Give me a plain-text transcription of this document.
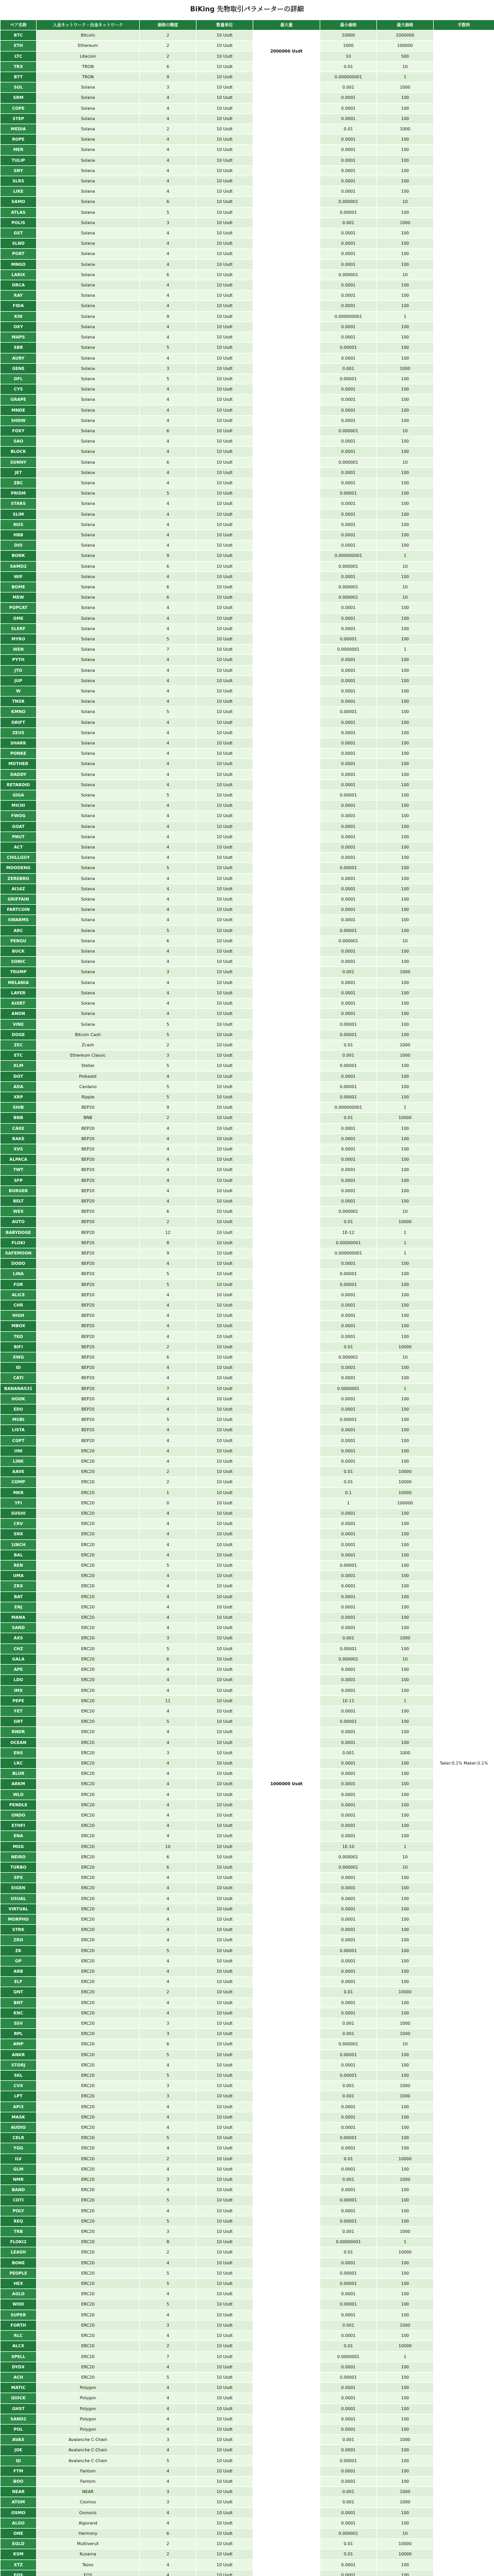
BiKing 先物取引パラメーターの詳細
ペア名称	入金ネットワーク・出金ネットワーク	価格の精度	数量単位	最大量	最小価格	最大価格	手数料
BTC	Bitcoin	2	10 Usdt	2000000 Usdt	10000	1000000	Taker:0.1% Maker:0.1%
ETH	Ethereum	2	10 Usdt		1000	100000	
LTC	Litecoin	2	10 Usdt		10	500	
TRX	TRON	6	10 Usdt		0.01	10	
BTT	TRON	9	10 Usdt	1000000 Usdt	0.000000001	1	
SOL	Solana	3	10 Usdt		0.001	1000	
SRM	Solana	4	10 Usdt		0.0001	100	
COPE	Solana	4	10 Usdt		0.0001	100	
STEP	Solana	4	10 Usdt		0.0001	100	
MEDIA	Solana	2	10 Usdt		0.01	1000	
ROPE	Solana	4	10 Usdt		0.0001	100	
MER	Solana	4	10 Usdt		0.0001	100	
TULIP	Solana	4	10 Usdt		0.0001	100	
SNY	Solana	4	10 Usdt		0.0001	100	
SLRS	Solana	4	10 Usdt		0.0001	100	
LIKE	Solana	4	10 Usdt		0.0001	100	
SAMO	Solana	6	10 Usdt		0.000001	10	
ATLAS	Solana	5	10 Usdt		0.00001	100	
POLIS	Solana	3	10 Usdt		0.001	1000	
GST	Solana	4	10 Usdt		0.0001	100	
SLND	Solana	4	10 Usdt		0.0001	100	
PORT	Solana	4	10 Usdt		0.0001	100	
MNGO	Solana	4	10 Usdt		0.0001	100	
LARIX	Solana	6	10 Usdt		0.000001	10	
ORCA	Solana	4	10 Usdt		0.0001	100	
RAY	Solana	4	10 Usdt		0.0001	100	
FIDA	Solana	4	10 Usdt		0.0001	100	
KIN	Solana	9	10 Usdt		0.000000001	1	
OXY	Solana	4	10 Usdt		0.0001	100	
MAPS	Solana	4	10 Usdt		0.0001	100	
SBR	Solana	5	10 Usdt		0.00001	100	
AURY	Solana	4	10 Usdt		0.0001	100	
GENE	Solana	3	10 Usdt		0.001	1000	
DFL	Solana	5	10 Usdt		0.00001	100	
CYS	Solana	4	10 Usdt		0.0001	100	
GRAPE	Solana	4	10 Usdt		0.0001	100	
MNDE	Solana	4	10 Usdt		0.0001	100	
SHDW	Solana	4	10 Usdt		0.0001	100	
FOXY	Solana	6	10 Usdt		0.000001	10	
SAO	Solana	4	10 Usdt		0.0001	100	
BLOCK	Solana	4	10 Usdt		0.0001	100	
SUNNY	Solana	6	10 Usdt		0.000001	10	
JET	Solana	4	10 Usdt		0.0001	100	
ZBC	Solana	4	10 Usdt		0.0001	100	
PRISM	Solana	5	10 Usdt		0.00001	100	
STARS	Solana	4	10 Usdt		0.0001	100	
SLIM	Solana	4	10 Usdt		0.0001	100	
NOS	Solana	4	10 Usdt		0.0001	100	
HBB	Solana	4	10 Usdt		0.0001	100	
DIO	Solana	4	10 Usdt		0.0001	100	
BONK	Solana	9	10 Usdt		0.000000001	1	
SAMO2	Solana	6	10 Usdt		0.000001	10	
WIF	Solana	4	10 Usdt		0.0001	100	
BOME	Solana	6	10 Usdt		0.000001	10	
MEW	Solana	6	10 Usdt		0.000001	10	
POPCAT	Solana	4	10 Usdt		0.0001	100	
GME	Solana	4	10 Usdt		0.0001	100	
SLERF	Solana	4	10 Usdt		0.0001	100	
MYRO	Solana	5	10 Usdt		0.00001	100	
WEN	Solana	7	10 Usdt		0.0000001	1	
PYTH	Solana	4	10 Usdt		0.0001	100	
JTO	Solana	4	10 Usdt		0.0001	100	
JUP	Solana	4	10 Usdt		0.0001	100	
W	Solana	4	10 Usdt		0.0001	100	
TNSR	Solana	4	10 Usdt		0.0001	100	
KMNO	Solana	5	10 Usdt		0.00001	100	
DRIFT	Solana	4	10 Usdt		0.0001	100	
ZEUS	Solana	4	10 Usdt		0.0001	100	
SHARK	Solana	4	10 Usdt		0.0001	100	
PONKE	Solana	4	10 Usdt		0.0001	100	
MOTHER	Solana	4	10 Usdt		0.0001	100	
DADDY	Solana	4	10 Usdt		0.0001	100	
RETARDIO	Solana	4	10 Usdt		0.0001	100	
GIGA	Solana	5	10 Usdt		0.00001	100	
MICHI	Solana	4	10 Usdt		0.0001	100	
FWOG	Solana	4	10 Usdt		0.0001	100	
GOAT	Solana	4	10 Usdt		0.0001	100	
PNUT	Solana	4	10 Usdt		0.0001	100	
ACT	Solana	4	10 Usdt		0.0001	100	
CHILLGUY	Solana	4	10 Usdt		0.0001	100	
MOODENG	Solana	5	10 Usdt		0.00001	100	
ZEREBRO	Solana	4	10 Usdt		0.0001	100	
AI16Z	Solana	4	10 Usdt		0.0001	100	
GRIFFAIN	Solana	4	10 Usdt		0.0001	100	
FARTCOIN	Solana	4	10 Usdt		0.0001	100	
SWARMS	Solana	4	10 Usdt		0.0001	100	
ARC	Solana	5	10 Usdt		0.00001	100	
PENGU	Solana	6	10 Usdt		0.000001	10	
BUCK	Solana	4	10 Usdt		0.0001	100	
SONIC	Solana	4	10 Usdt		0.0001	100	
TRUMP	Solana	3	10 Usdt		0.001	1000	
MELANIA	Solana	4	10 Usdt		0.0001	100	
LAYER	Solana	4	10 Usdt		0.0001	100	
AIXBT	Solana	4	10 Usdt		0.0001	100	
ANON	Solana	4	10 Usdt		0.0001	100	
VINE	Solana	5	10 Usdt		0.00001	100	
DOGE	Bitcoin Cash	5	10 Usdt		0.00001	100	
ZEC	Zcash	2	10 Usdt		0.01	1000	
ETC	Ethereum Classic	3	10 Usdt		0.001	1000	
XLM	Stellar	5	10 Usdt		0.00001	100	
DOT	Polkadot	4	10 Usdt		0.0001	100	
ADA	Cardano	5	10 Usdt		0.00001	100	
XRP	Ripple	5	10 Usdt		0.00001	100	
SHIB	BEP20	9	10 Usdt		0.000000001	1	
BNB	BNB	2	10 Usdt		0.01	10000	
CAKE	BEP20	4	10 Usdt		0.0001	100	
BAKE	BEP20	4	10 Usdt		0.0001	100	
XVS	BEP20	4	10 Usdt		0.0001	100	
ALPACA	BEP20	4	10 Usdt		0.0001	100	
TWT	BEP20	4	10 Usdt		0.0001	100	
SFP	BEP20	4	10 Usdt		0.0001	100	
BURGER	BEP20	4	10 Usdt		0.0001	100	
BELT	BEP20	4	10 Usdt		0.0001	100	
WEX	BEP20	6	10 Usdt		0.000001	10	
AUTO	BEP20	2	10 Usdt		0.01	10000	
BABYDOGE	BEP20	12	10 Usdt		1E-12	1	
FLOKI	BEP20	8	10 Usdt		0.00000001	1	
SAFEMOON	BEP20	9	10 Usdt		0.000000001	1	
DODO	BEP20	4	10 Usdt		0.0001	100	
LINA	BEP20	5	10 Usdt		0.00001	100	
FOR	BEP20	5	10 Usdt		0.00001	100	
ALICE	BEP20	4	10 Usdt		0.0001	100	
CHR	BEP20	4	10 Usdt		0.0001	100	
HIGH	BEP20	4	10 Usdt		0.0001	100	
MBOX	BEP20	4	10 Usdt		0.0001	100	
TKO	BEP20	4	10 Usdt		0.0001	100	
BIFI	BEP20	2	10 Usdt		0.01	10000	
XWG	BEP20	6	10 Usdt		0.000001	10	
ID	BEP20	4	10 Usdt		0.0001	100	
CATI	BEP20	4	10 Usdt		0.0001	100	
BANANAS31	BEP20	7	10 Usdt		0.0000001	1	
HOOK	BEP20	4	10 Usdt		0.0001	100	
EDU	BEP20	4	10 Usdt		0.0001	100	
MUBI	BEP20	5	10 Usdt		0.00001	100	
LISTA	BEP20	4	10 Usdt		0.0001	100	
CGPT	BEP20	4	10 Usdt		0.0001	100	
UNI	ERC20	4	10 Usdt		0.0001	100	
LINK	ERC20	4	10 Usdt		0.0001	100	
AAVE	ERC20	2	10 Usdt		0.01	10000	
COMP	ERC20	2	10 Usdt		0.01	10000	
MKR	ERC20	1	10 Usdt		0.1	10000	
YFI	ERC20	0	10 Usdt		1	100000	
SUSHI	ERC20	4	10 Usdt		0.0001	100	
CRV	ERC20	4	10 Usdt		0.0001	100	
SNX	ERC20	4	10 Usdt		0.0001	100	
1INCH	ERC20	4	10 Usdt		0.0001	100	
BAL	ERC20	4	10 Usdt		0.0001	100	
REN	ERC20	5	10 Usdt		0.00001	100	
UMA	ERC20	4	10 Usdt		0.0001	100	
ZRX	ERC20	4	10 Usdt		0.0001	100	
BAT	ERC20	4	10 Usdt		0.0001	100	
ENJ	ERC20	4	10 Usdt		0.0001	100	
MANA	ERC20	4	10 Usdt		0.0001	100	
SAND	ERC20	4	10 Usdt		0.0001	100	
AXS	ERC20	3	10 Usdt		0.001	1000	
CHZ	ERC20	5	10 Usdt		0.00001	100	
GALA	ERC20	6	10 Usdt		0.000001	10	
APE	ERC20	4	10 Usdt		0.0001	100	
LDO	ERC20	4	10 Usdt		0.0001	100	
IMX	ERC20	4	10 Usdt		0.0001	100	
PEPE	ERC20	11	10 Usdt		1E-11	1	
FET	ERC20	4	10 Usdt		0.0001	100	
GRT	ERC20	5	10 Usdt		0.00001	100	
RNDR	ERC20	4	10 Usdt		0.0001	100	
OCEAN	ERC20	4	10 Usdt		0.0001	100	
ENS	ERC20	3	10 Usdt		0.001	1000	
LRC	ERC20	4	10 Usdt		0.0001	100	
BLUR	ERC20	4	10 Usdt		0.0001	100	
ARKM	ERC20	4	10 Usdt		0.0001	100	
WLD	ERC20	4	10 Usdt		0.0001	100	
PENDLE	ERC20	4	10 Usdt		0.0001	100	
ONDO	ERC20	4	10 Usdt		0.0001	100	
ETHFI	ERC20	4	10 Usdt		0.0001	100	
ENA	ERC20	4	10 Usdt		0.0001	100	
MOG	ERC20	10	10 Usdt		1E-10	1	
NEIRO	ERC20	6	10 Usdt		0.000001	10	
TURBO	ERC20	6	10 Usdt		0.000001	10	
SPX	ERC20	4	10 Usdt		0.0001	100	
EIGEN	ERC20	4	10 Usdt		0.0001	100	
USUAL	ERC20	4	10 Usdt		0.0001	100	
VIRTUAL	ERC20	4	10 Usdt		0.0001	100	
MORPHO	ERC20	4	10 Usdt		0.0001	100	
STRK	ERC20	4	10 Usdt		0.0001	100	
ZRO	ERC20	4	10 Usdt		0.0001	100	
ZK	ERC20	5	10 Usdt		0.00001	100	
OP	ERC20	4	10 Usdt		0.0001	100	
ARB	ERC20	4	10 Usdt		0.0001	100	
ELF	ERC20	4	10 Usdt		0.0001	100	
QNT	ERC20	2	10 Usdt		0.01	10000	
BNT	ERC20	4	10 Usdt		0.0001	100	
KNC	ERC20	4	10 Usdt		0.0001	100	
SSV	ERC20	3	10 Usdt		0.001	1000	
RPL	ERC20	3	10 Usdt		0.001	1000	
AMP	ERC20	6	10 Usdt		0.000001	10	
ANKR	ERC20	5	10 Usdt		0.00001	100	
STORJ	ERC20	4	10 Usdt		0.0001	100	
SKL	ERC20	5	10 Usdt		0.00001	100	
CVX	ERC20	3	10 Usdt		0.001	1000	
LPT	ERC20	3	10 Usdt		0.001	1000	
API3	ERC20	4	10 Usdt		0.0001	100	
MASK	ERC20	4	10 Usdt		0.0001	100	
AUDIO	ERC20	4	10 Usdt		0.0001	100	
CELR	ERC20	5	10 Usdt		0.00001	100	
YGG	ERC20	4	10 Usdt		0.0001	100	
ILV	ERC20	2	10 Usdt		0.01	10000	
GLM	ERC20	4	10 Usdt		0.0001	100	
NMR	ERC20	3	10 Usdt		0.001	1000	
BAND	ERC20	4	10 Usdt		0.0001	100	
COTI	ERC20	5	10 Usdt		0.00001	100	
POLY	ERC20	4	10 Usdt		0.0001	100	
REQ	ERC20	5	10 Usdt		0.00001	100	
TRB	ERC20	3	10 Usdt		0.001	1000	
FLOKI2	ERC20	8	10 Usdt		0.00000001	1	
LEASH	ERC20	2	10 Usdt		0.01	10000	
BONE	ERC20	4	10 Usdt		0.0001	100	
PEOPLE	ERC20	5	10 Usdt		0.00001	100	
HEX	ERC20	5	10 Usdt		0.00001	100	
AGLD	ERC20	4	10 Usdt		0.0001	100	
WOO	ERC20	5	10 Usdt		0.00001	100	
SUPER	ERC20	4	10 Usdt		0.0001	100	
FORTH	ERC20	3	10 Usdt		0.001	1000	
RLC	ERC20	4	10 Usdt		0.0001	100	
ALCX	ERC20	2	10 Usdt		0.01	10000	
SPELL	ERC20	7	10 Usdt		0.0000001	1	
DYDX	ERC20	4	10 Usdt		0.0001	100	
ACH	ERC20	5	10 Usdt		0.00001	100	
MATIC	Polygon	4	10 Usdt		0.0001	100	
QUICK	Polygon	4	10 Usdt		0.0001	100	
GHST	Polygon	4	10 Usdt		0.0001	100	
SAND2	Polygon	4	10 Usdt		0.0001	100	
POL	Polygon	4	10 Usdt		0.0001	100	
AVAX	Avalanche C-Chain	3	10 Usdt		0.001	1000	
JOE	Avalanche C-Chain	4	10 Usdt		0.0001	100	
QI	Avalanche C-Chain	5	10 Usdt		0.00001	100	
FTM	Fantom	4	10 Usdt		0.0001	100	
BOO	Fantom	4	10 Usdt		0.0001	100	
NEAR	NEAR	3	10 Usdt		0.001	1000	
ATOM	Cosmos	3	10 Usdt		0.001	1000	
OSMO	Osmosis	4	10 Usdt		0.0001	100	
ALGO	Algorand	4	10 Usdt		0.0001	100	
ONE	Harmony	6	10 Usdt		0.000001	10	
EGLD	MultiversX	2	10 Usdt		0.01	10000	
KSM	Kusama	2	10 Usdt		0.01	10000	
XTZ	Tezos	4	10 Usdt		0.0001	100	
EOS	EOS	4	10 Usdt		0.0001	100	
